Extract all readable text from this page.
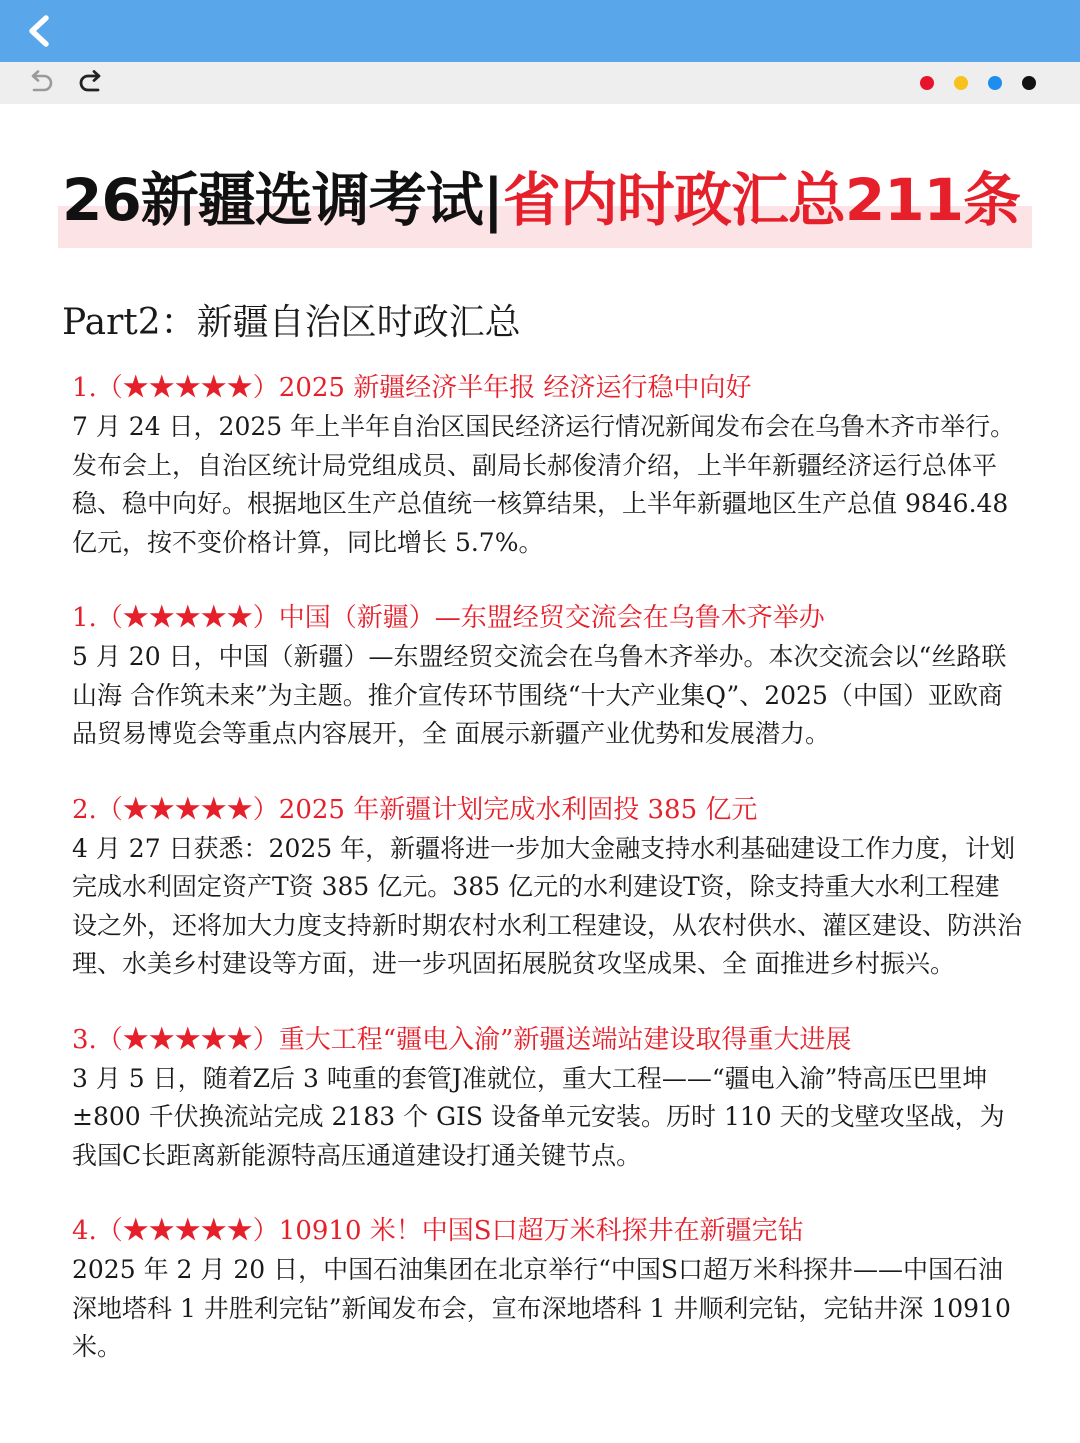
26新疆选调考试|省内时政汇总211条
Part2：新疆自治区时政汇总
1.（★★★★★）2025 新疆经济半年报 经济运行稳中向好

7 月 24 日，2025 年上半年自治区国民经济运行情况新闻发布会在乌鲁木齐市举行。发布会上，自治区统计局党组成员、副局长郝俊清介绍，上半年新疆经济运行总体平稳、稳中向好。根据地区生产总值统一核算结果，上半年新疆地区生产总值 9846.48 亿元，按不变价格计算，同比增长 5.7%。

1.（★★★★★）中国（新疆）—东盟经贸交流会在乌鲁木齐举办

5 月 20 日，中国（新疆）—东盟经贸交流会在乌鲁木齐举办。本次交流会以“丝路联山海 合作筑未来”为主题。推介宣传环节围绕“十大产业集Q”、2025（中国）亚欧商品贸易博览会等重点内容展开，全 面展示新疆产业优势和发展潜力。

2.（★★★★★）2025 年新疆计划完成水利固投 385 亿元

4 月 27 日获悉：2025 年，新疆将进一步加大金融支持水利基础建设工作力度，计划完成水利固定资产T资 385 亿元。385 亿元的水利建设T资，除支持重大水利工程建设之外，还将加大力度支持新时期农村水利工程建设，从农村供水、灌区建设、防洪治理、水美乡村建设等方面，进一步巩固拓展脱贫攻坚成果、全 面推进乡村振兴。

3.（★★★★★）重大工程“疆电入渝”新疆送端站建设取得重大进展

3 月 5 日，随着Z后 3 吨重的套管J准就位，重大工程——“疆电入渝”特高压巴里坤±800 千伏换流站完成 2183 个 GIS 设备单元安装。历时 110 天的戈壁攻坚战，为我国C长距离新能源特高压通道建设打通关键节点。

4.（★★★★★）10910 米！中国S口超万米科探井在新疆完钻

2025 年 2 月 20 日，中国石油集团在北京举行“中国S口超万米科探井——中国石油深地塔科 1 井胜利完钻”新闻发布会，宣布深地塔科 1 井顺利完钻，完钻井深 10910 米。
